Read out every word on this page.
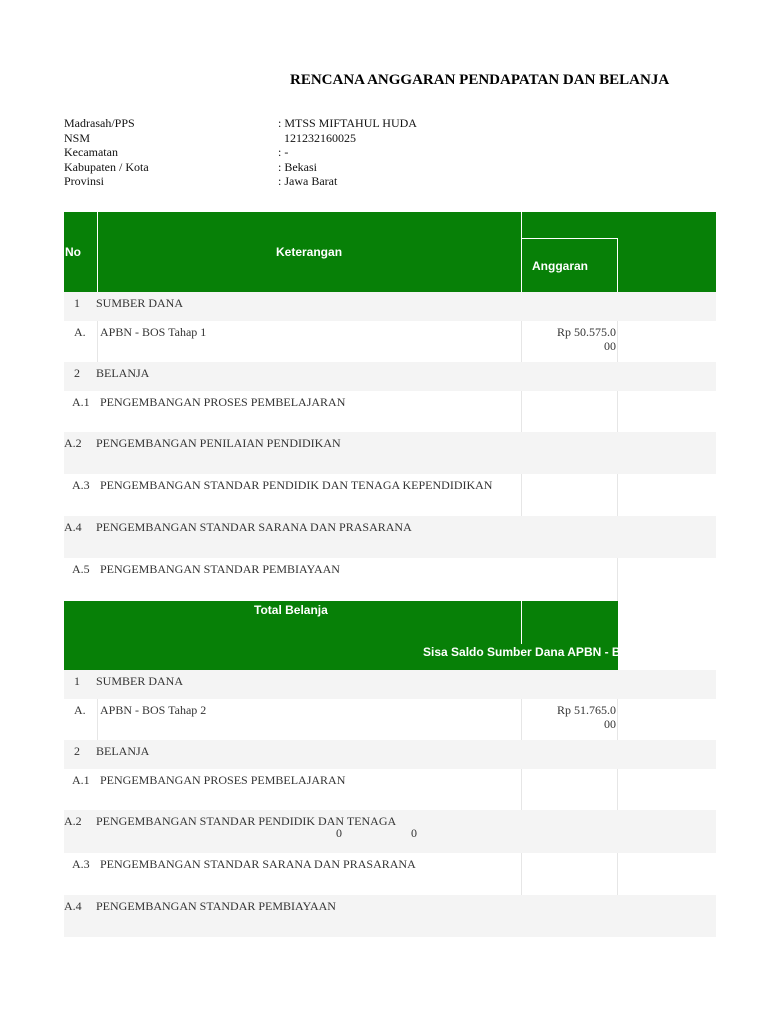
RENCANA ANGGARAN PENDAPATAN DAN BELANJA
Madrasah/PPS	: MTSS MIFTAHUL HUDA
NSM	121232160025
Kecamatan	: -
Kabupaten / Kota	: Bekasi
Provinsi	: Jawa Barat
No	Keterangan
Anggaran
1 SUMBER DANA
A. APBN - BOS Tahap 1	Rp 50.575.0
00
2 BELANJA
A.1 PENGEMBANGAN PROSES PEMBELAJARAN
A.2 PENGEMBANGAN PENILAIAN PENDIDIKAN
A.3 PENGEMBANGAN STANDAR PENDIDIK DAN TENAGA KEPENDIDIKAN
A.4 PENGEMBANGAN STANDAR SARANA DAN PRASARANA
A.5 PENGEMBANGAN STANDAR PEMBIAYAAN
Total Belanja
Sisa Saldo Sumber Dana APBN - BOS
1 SUMBER DANA
A. APBN - BOS Tahap 2	Rp 51.765.0
00
2 BELANJA
A.1 PENGEMBANGAN PROSES PEMBELAJARAN
A.2 PENGEMBANGAN STANDAR PENDIDIK DAN TENAGA
0	0
A.3 PENGEMBANGAN STANDAR SARANA DAN PRASARANA
A.4 PENGEMBANGAN STANDAR PEMBIAYAAN
